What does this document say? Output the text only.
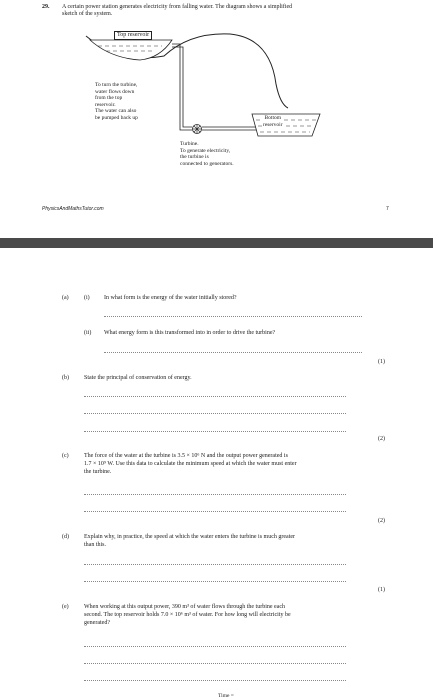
29. A certain power station generates electricity from falling water. The diagram shows a simplified
sketch of the system.
Top reservoir
Bottom
reservoir
To turn the turbine,
water flows down
from the top
reservoir.
The water can also
be pumped back up
Turbine.
To generate electricity,
the turbine is
connected to generators.
PhysicsAndMathsTutor.com	7
(a)	(i) In what form is the energy of the water initially stored?
(ii) What energy form is this transformed into in order to drive the turbine?
(1)
(b)	State the principal of conservation of energy.
(2)
(c)	The force of the water at the turbine is 3.5 × 10⁶ N and the output power generated is
1.7 × 10⁹ W. Use this data to calculate the minimum speed at which the water must enter
the turbine.
(2)
(d)	Explain why, in practice, the speed at which the water enters the turbine is much greater
than this.
(1)
(e)	When working at this output power, 390 m³ of water flows through the turbine each
second. The top reservoir holds 7.0 × 10⁶ m³ of water. For how long will electricity be
generated?
Time =
